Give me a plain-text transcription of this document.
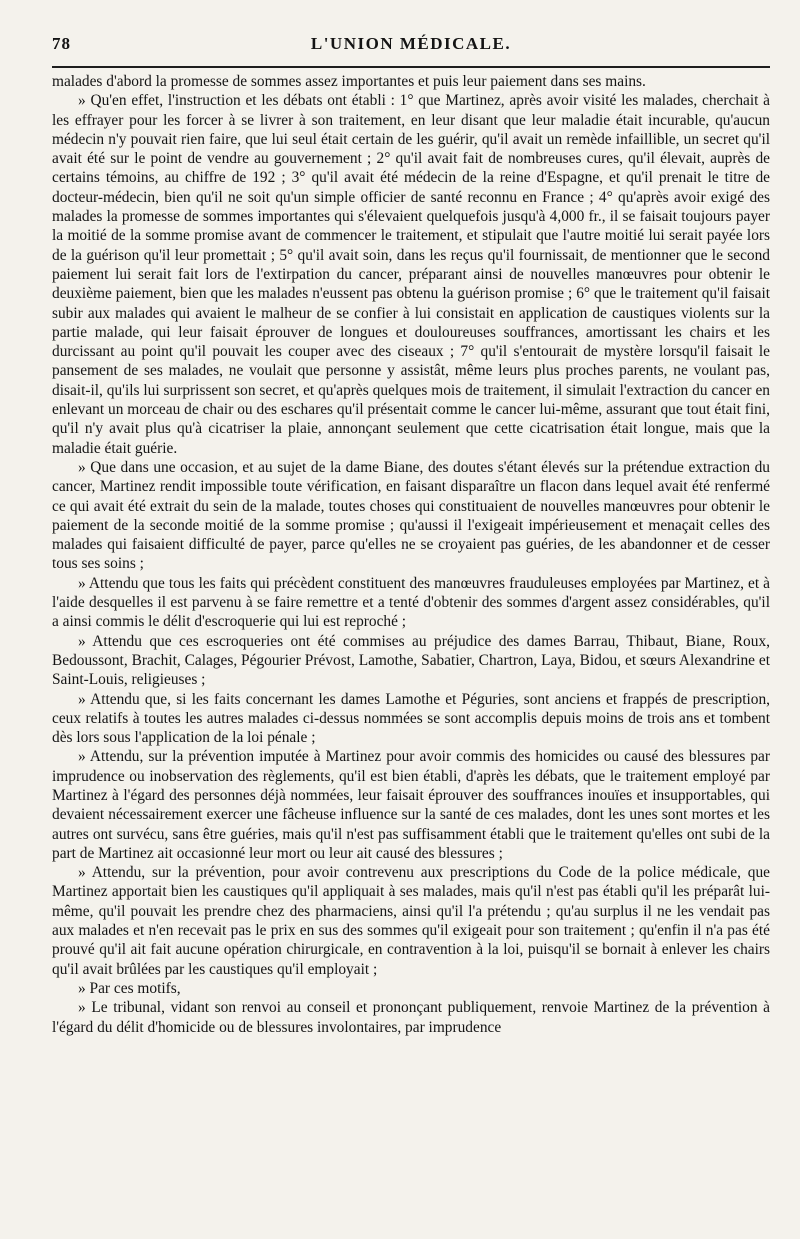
78	L'UNION MÉDICALE.

malades d'abord la promesse de sommes assez importantes et puis leur paiement dans ses mains.

» Qu'en effet, l'instruction et les débats ont établi : 1° que Martinez, après avoir visité les malades, cherchait à les effrayer pour les forcer à se livrer à son traitement, en leur disant que leur maladie était incurable, qu'aucun médecin n'y pouvait rien faire, que lui seul était certain de les guérir, qu'il avait un remède infaillible, un secret qu'il avait été sur le point de vendre au gouvernement ; 2° qu'il avait fait de nombreuses cures, qu'il élevait, auprès de certains témoins, au chiffre de 192 ; 3° qu'il avait été médecin de la reine d'Espagne, et qu'il prenait le titre de docteur-médecin, bien qu'il ne soit qu'un simple officier de santé reconnu en France ; 4° qu'après avoir exigé des malades la promesse de sommes importantes qui s'élevaient quelquefois jusqu'à 4,000 fr., il se faisait toujours payer la moitié de la somme promise avant de commencer le traitement, et stipulait que l'autre moitié lui serait payée lors de la guérison qu'il leur promettait ; 5° qu'il avait soin, dans les reçus qu'il fournissait, de mentionner que le second paiement lui serait fait lors de l'extirpation du cancer, préparant ainsi de nouvelles manœuvres pour obtenir le deuxième paiement, bien que les malades n'eussent pas obtenu la guérison promise ; 6° que le traitement qu'il faisait subir aux malades qui avaient le malheur de se confier à lui consistait en application de caustiques violents sur la partie malade, qui leur faisait éprouver de longues et douloureuses souffrances, amortissant les chairs et les durcissant au point qu'il pouvait les couper avec des ciseaux ; 7° qu'il s'entourait de mystère lorsqu'il faisait le pansement de ses malades, ne voulait que personne y assistât, même leurs plus proches parents, ne voulant pas, disait-il, qu'ils lui surprissent son secret, et qu'après quelques mois de traitement, il simulait l'extraction du cancer en enlevant un morceau de chair ou des eschares qu'il présentait comme le cancer lui-même, assurant que tout était fini, qu'il n'y avait plus qu'à cicatriser la plaie, annonçant seulement que cette cicatrisation était longue, mais que la maladie était guérie.

» Que dans une occasion, et au sujet de la dame Biane, des doutes s'étant élevés sur la prétendue extraction du cancer, Martinez rendit impossible toute vérification, en faisant disparaître un flacon dans lequel avait été renfermé ce qui avait été extrait du sein de la malade, toutes choses qui constituaient de nouvelles manœuvres pour obtenir le paiement de la seconde moitié de la somme promise ; qu'aussi il l'exigeait impérieusement et menaçait celles des malades qui faisaient difficulté de payer, parce qu'elles ne se croyaient pas guéries, de les abandonner et de cesser tous ses soins ;

» Attendu que tous les faits qui précèdent constituent des manœuvres frauduleuses employées par Martinez, et à l'aide desquelles il est parvenu à se faire remettre et a tenté d'obtenir des sommes d'argent assez considérables, qu'il a ainsi commis le délit d'escroquerie qui lui est reproché ;

» Attendu que ces escroqueries ont été commises au préjudice des dames Barrau, Thibaut, Biane, Roux, Bedoussont, Brachit, Calages, Pégourier Prévost, Lamothe, Sabatier, Chartron, Laya, Bidou, et sœurs Alexandrine et Saint-Louis, religieuses ;

» Attendu que, si les faits concernant les dames Lamothe et Péguries, sont anciens et frappés de prescription, ceux relatifs à toutes les autres malades ci-dessus nommées se sont accomplis depuis moins de trois ans et tombent dès lors sous l'application de la loi pénale ;

» Attendu, sur la prévention imputée à Martinez pour avoir commis des homicides ou causé des blessures par imprudence ou inobservation des règlements, qu'il est bien établi, d'après les débats, que le traitement employé par Martinez à l'égard des personnes déjà nommées, leur faisait éprouver des souffrances inouïes et insupportables, qui devaient nécessairement exercer une fâcheuse influence sur la santé de ces malades, dont les unes sont mortes et les autres ont survécu, sans être guéries, mais qu'il n'est pas suffisamment établi que le traitement qu'elles ont subi de la part de Martinez ait occasionné leur mort ou leur ait causé des blessures ;

» Attendu, sur la prévention, pour avoir contrevenu aux prescriptions du Code de la police médicale, que Martinez apportait bien les caustiques qu'il appliquait à ses malades, mais qu'il n'est pas établi qu'il les préparât lui-même, qu'il pouvait les prendre chez des pharmaciens, ainsi qu'il l'a prétendu ; qu'au surplus il ne les vendait pas aux malades et n'en recevait pas le prix en sus des sommes qu'il exigeait pour son traitement ; qu'enfin il n'a pas été prouvé qu'il ait fait aucune opération chirurgicale, en contravention à la loi, puisqu'il se bornait à enlever les chairs qu'il avait brûlées par les caustiques qu'il employait ;

» Par ces motifs,

» Le tribunal, vidant son renvoi au conseil et prononçant publiquement, renvoie Martinez de la prévention à l'égard du délit d'homicide ou de blessures involontaires, par imprudence
